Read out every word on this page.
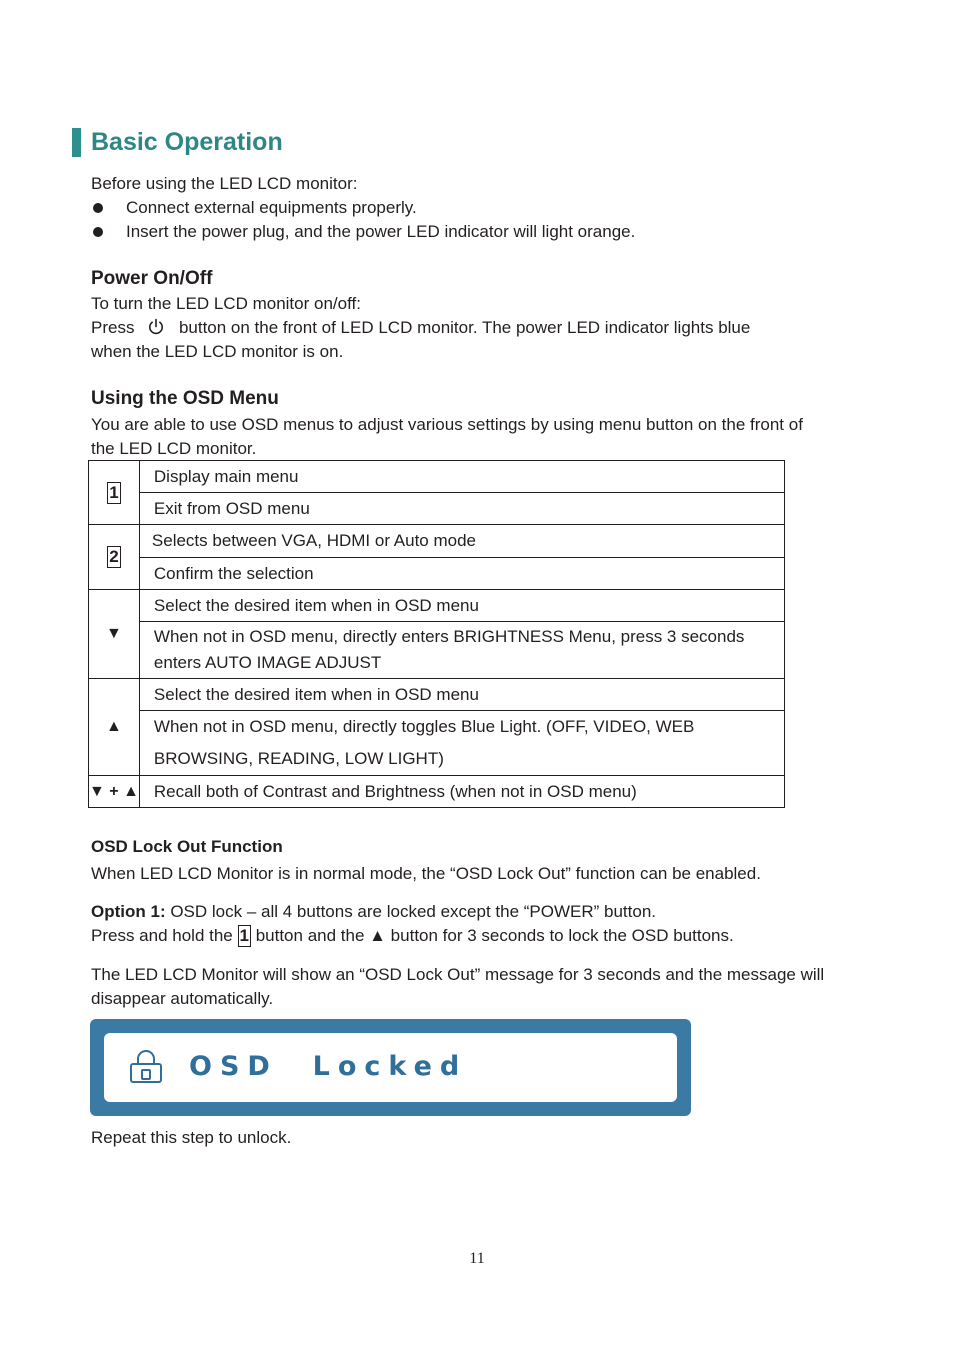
Basic Operation
Before using the LED LCD monitor:
Connect external equipments properly.
Insert the power plug, and the power LED indicator will light orange.
Power On/Off
To turn the LED LCD monitor on/off:
Press	button on the front of LED LCD monitor. The power LED indicator lights blue
when the LED LCD monitor is on.
Using the OSD Menu
You are able to use OSD menus to adjust various settings by using menu button on the front of
the LED LCD monitor.
1	Display main menu
	Exit from OSD menu
2	Selects between VGA, HDMI or Auto mode
	Confirm the selection
▼	Select the desired item when in OSD menu

	When not in OSD menu, directly enters BRIGHTNESS Menu, press 3 seconds
enters AUTO IMAGE ADJUST

▲	Select the desired item when in OSD menu

	When not in OSD menu, directly toggles Blue Light. (OFF, VIDEO, WEB
BROWSING, READING, LOW LIGHT)

▼ + ▲	Recall both of Contrast and Brightness (when not in OSD menu)
OSD Lock Out Function
When LED LCD Monitor is in normal mode, the “OSD Lock Out” function can be enabled.
Option 1: OSD lock – all 4 buttons are locked except the “POWER” button.
Press and hold the 1 button and the ▲ button for 3 seconds to lock the OSD buttons.
The LED LCD Monitor will show an “OSD Lock Out” message for 3 seconds and the message will
disappear automatically.
OSD  Locked
Repeat this step to unlock.
11
